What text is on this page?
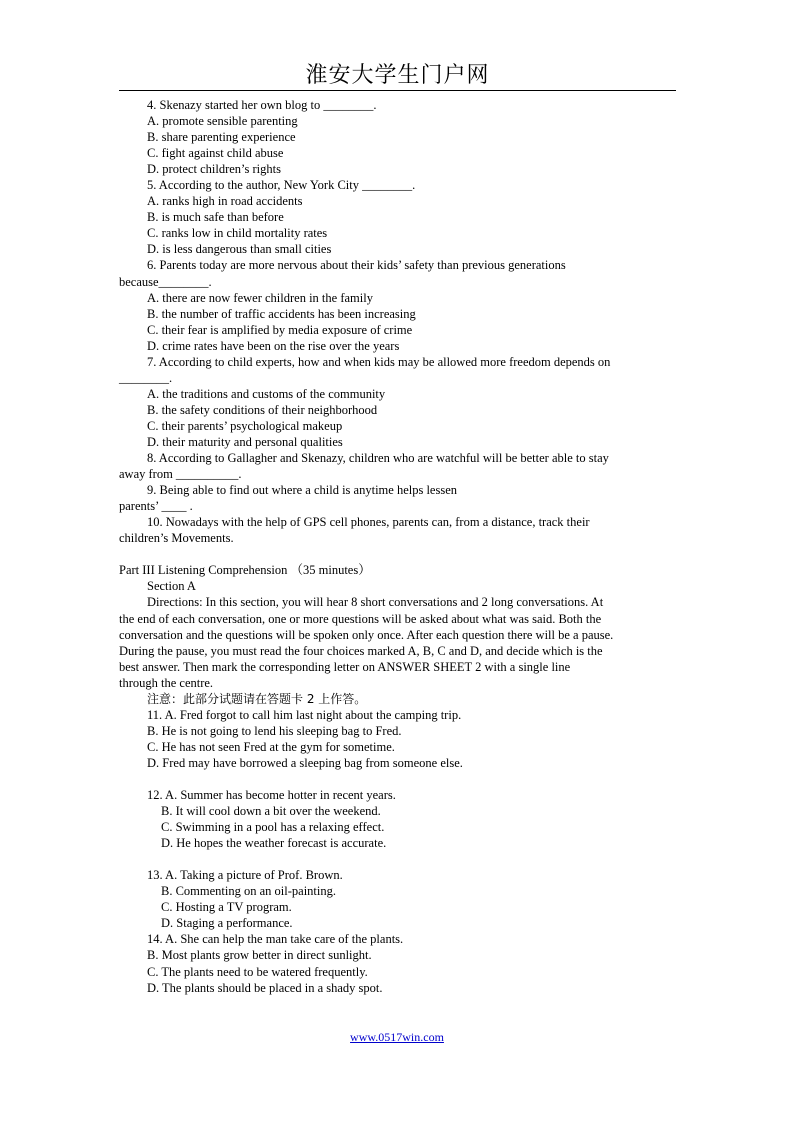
淮安大学生门户网
4. Skenazy started her own blog to ________.
A. promote sensible parenting
B. share parenting experience
C. fight against child abuse
D. protect children’s rights
5. According to the author, New York City ________.
A. ranks high in road accidents
B. is much safe than before
C. ranks low in child mortality rates
D. is less dangerous than small cities
6. Parents today are more nervous about their kids’ safety than previous generations
because________.
A. there are now fewer children in the family
B. the number of traffic accidents has been increasing
C. their fear is amplified by media exposure of crime
D. crime rates have been on the rise over the years
7. According to child experts, how and when kids may be allowed more freedom depends on
________.
A. the traditions and customs of the community
B. the safety conditions of their neighborhood
C. their parents’ psychological makeup
D. their maturity and personal qualities
8. According to Gallagher and Skenazy, children who are watchful will be better able to stay
away from __________.
9. Being able to find out where a child is anytime helps lessen
parents’ ____ .
10. Nowadays with the help of GPS cell phones, parents can, from a distance, track their
children’s Movements.
Part III Listening Comprehension （35 minutes）
Section A
Directions: In this section, you will hear 8 short conversations and 2 long conversations. At
the end of each conversation, one or more questions will be asked about what was said. Both the
conversation and the questions will be spoken only once. After each question there will be a pause.
During the pause, you must read the four choices marked A, B, C and D, and decide which is the
best answer. Then mark the corresponding letter on ANSWER SHEET 2 with a single line
through the centre.
注意：此部分试题请在答题卡 2 上作答。
11. A. Fred forgot to call him last night about the camping trip.
B. He is not going to lend his sleeping bag to Fred.
C. He has not seen Fred at the gym for sometime.
D. Fred may have borrowed a sleeping bag from someone else.
12. A. Summer has become hotter in recent years.
B. It will cool down a bit over the weekend.
C. Swimming in a pool has a relaxing effect.
D. He hopes the weather forecast is accurate.
13. A. Taking a picture of Prof. Brown.
B. Commenting on an oil-painting.
C. Hosting a TV program.
D. Staging a performance.
14. A. She can help the man take care of the plants.
B. Most plants grow better in direct sunlight.
C. The plants need to be watered frequently.
D. The plants should be placed in a shady spot.
www.0517win.com
